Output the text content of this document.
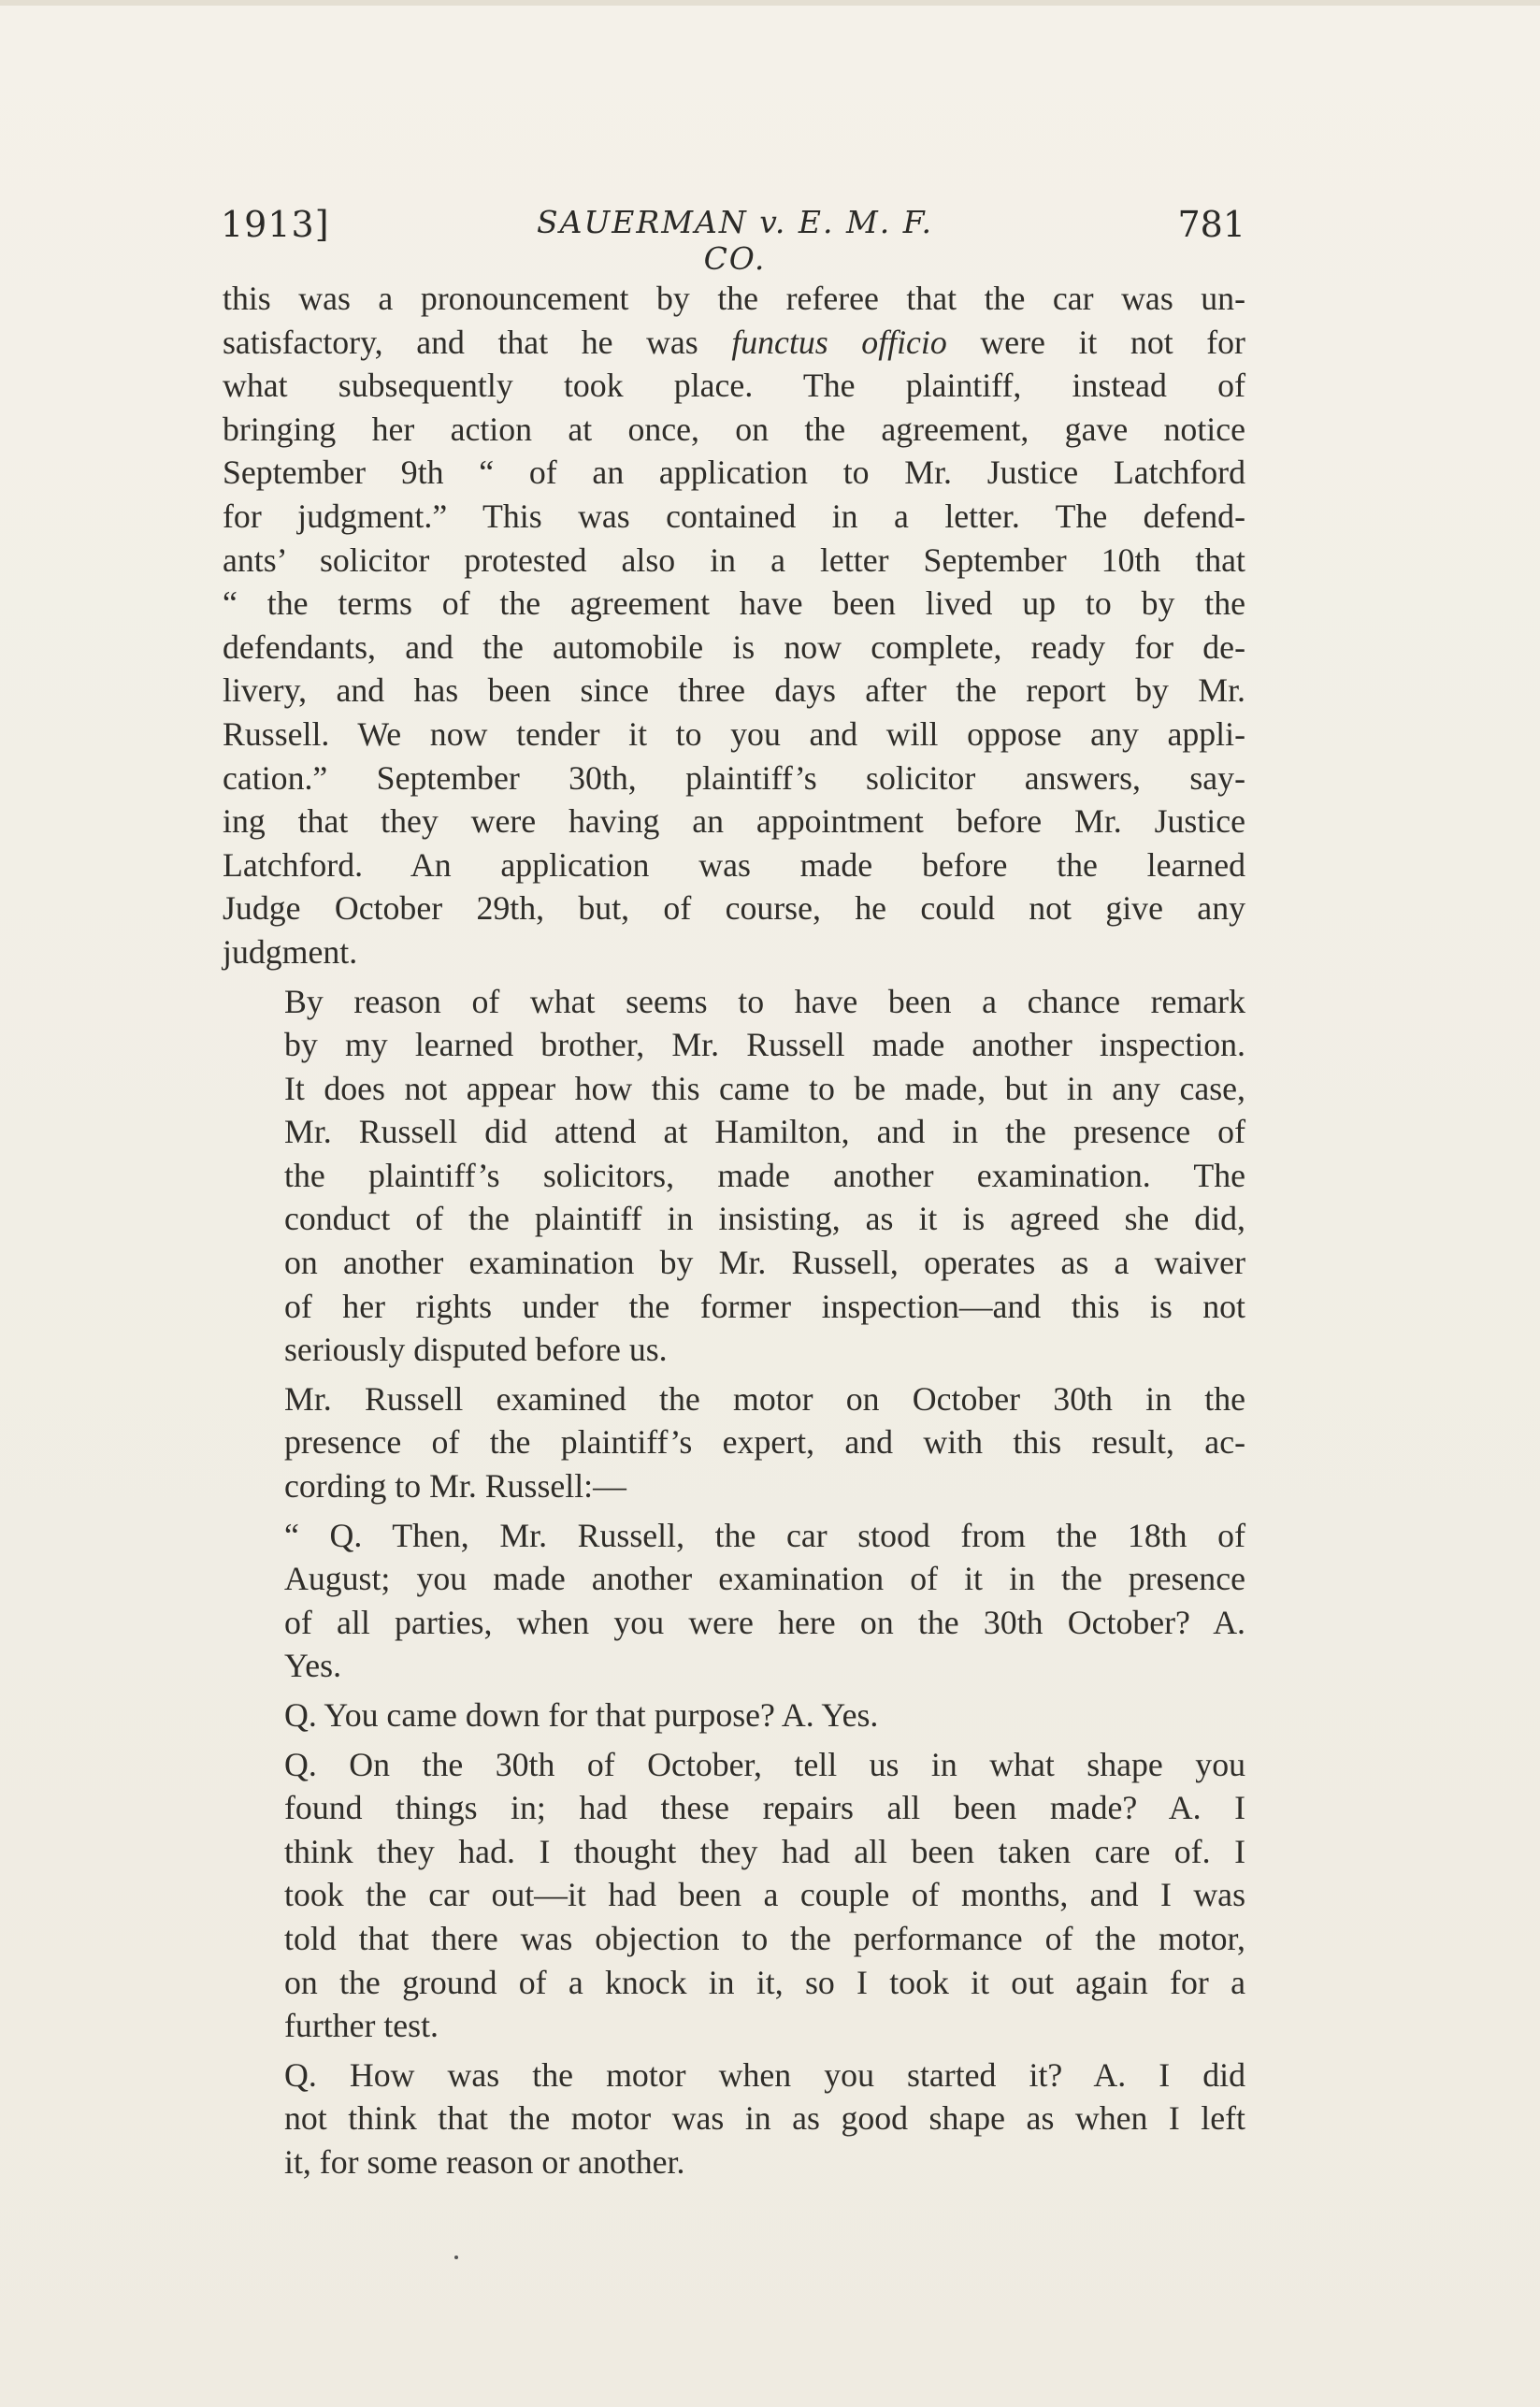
1913]	SAUERMAN v. E. M. F. CO.
781

this was a pronouncement by the referee that the car was un-
satisfactory, and that he was functus officio were it not for
what subsequently took place. The plaintiff, instead of
bringing her action at once, on the agreement, gave notice
September 9th “ of an application to Mr. Justice Latchford
for judgment.” This was contained in a letter. The defend-
ants’ solicitor protested also in a letter September 10th that
“ the terms of the agreement have been lived up to by the
defendants, and the automobile is now complete, ready for de-
livery, and has been since three days after the report by Mr.
Russell. We now tender it to you and will oppose any appli-
cation.” September 30th, plaintiff’s solicitor answers, say-
ing that they were having an appointment before Mr. Justice
Latchford. An application was made before the learned
Judge October 29th, but, of course, he could not give any
judgment.

By reason of what seems to have been a chance remark
by my learned brother, Mr. Russell made another inspection.
It does not appear how this came to be made, but in any case,
Mr. Russell did attend at Hamilton, and in the presence of
the plaintiff’s solicitors, made another examination. The
conduct of the plaintiff in insisting, as it is agreed she did,
on another examination by Mr. Russell, operates as a waiver
of her rights under the former inspection—and this is not
seriously disputed before us.

Mr. Russell examined the motor on October 30th in the
presence of the plaintiff’s expert, and with this result, ac-
cording to Mr. Russell:—

“ Q. Then, Mr. Russell, the car stood from the 18th of
August; you made another examination of it in the presence
of all parties, when you were here on the 30th October? A.
Yes.

Q. You came down for that purpose? A. Yes.

Q. On the 30th of October, tell us in what shape you
found things in; had these repairs all been made? A. I
think they had. I thought they had all been taken care of. I
took the car out—it had been a couple of months, and I was
told that there was objection to the performance of the motor,
on the ground of a knock in it, so I took it out again for a
further test.

Q. How was the motor when you started it? A. I did
not think that the motor was in as good shape as when I left
it, for some reason or another.
